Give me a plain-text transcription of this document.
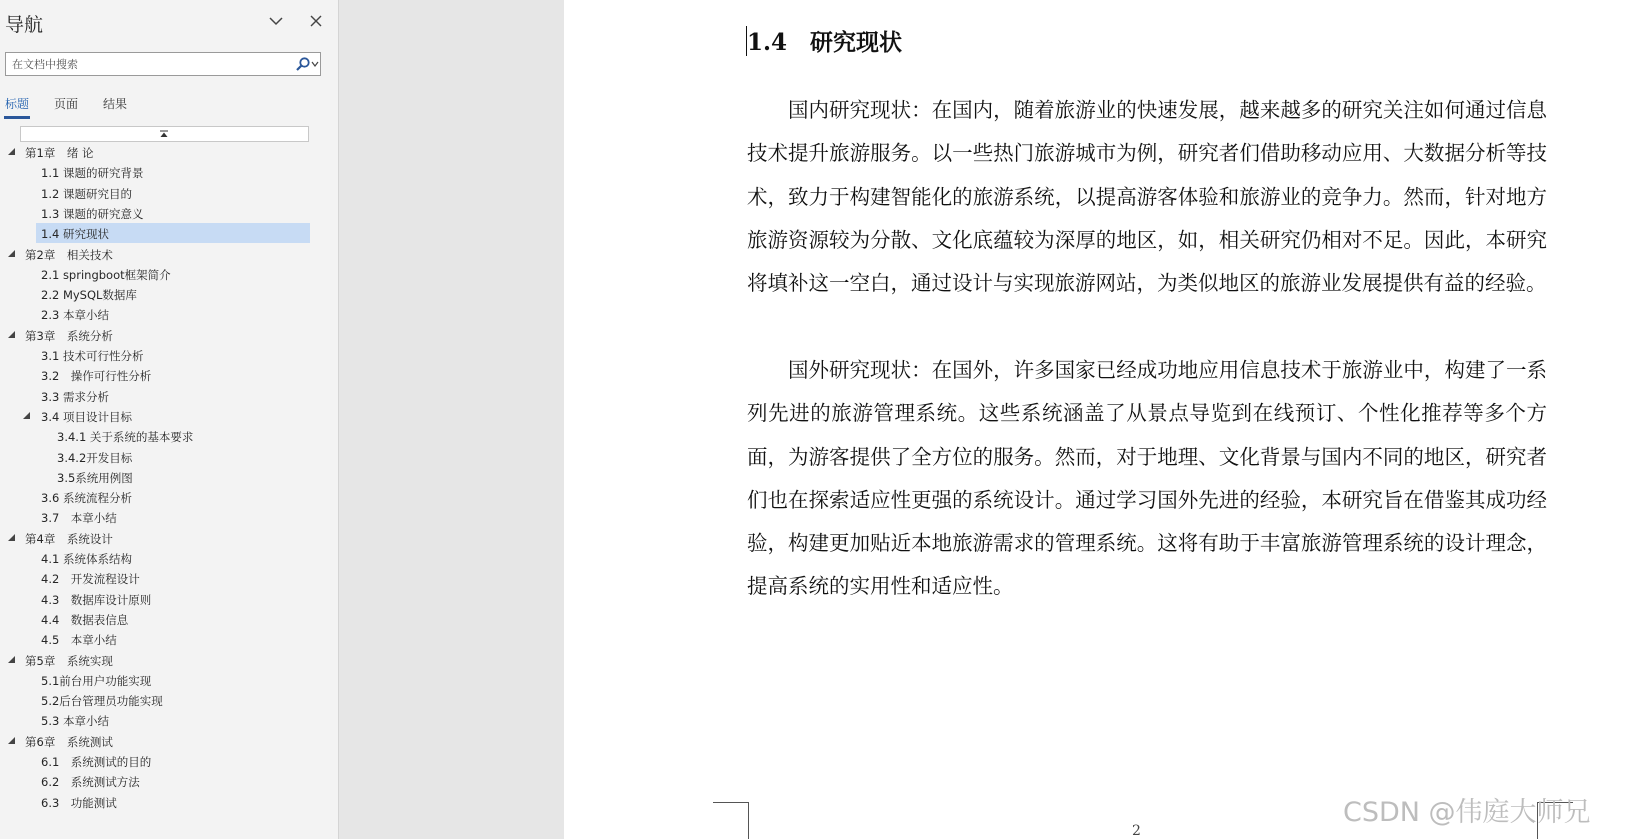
导航
在文档中搜索
标题 页面 结果
第1章　绪 论
1.1 课题的研究背景
1.2 课题研究目的
1.3 课题的研究意义
1.4 研究现状
第2章　相关技术
2.1 springboot框架简介
2.2 MySQL数据库
2.3 本章小结
第3章　系统分析
3.1 技术可行性分析
3.2　操作可行性分析
3.3 需求分析
3.4 项目设计目标
3.4.1 关于系统的基本要求
3.4.2开发目标
3.5系统用例图
3.6 系统流程分析
3.7　本章小结
第4章　系统设计
4.1 系统体系结构
4.2　开发流程设计
4.3　数据库设计原则
4.4　数据表信息
4.5　本章小结
第5章　系统实现
5.1前台用户功能实现
5.2后台管理员功能实现
5.3 本章小结
第6章　系统测试
6.1　系统测试的目的
6.2　系统测试方法
6.3　功能测试
1.4　研究现状
国内研究现状：在国内，随着旅游业的快速发展，越来越多的研究关注如何通过信息技术提升旅游服务。以一些热门旅游城市为例，研究者们借助移动应用、大数据分析等技术，致力于构建智能化的旅游系统，以提高游客体验和旅游业的竞争力。然而，针对地方旅游资源较为分散、文化底蕴较为深厚的地区，如，相关研究仍相对不足。因此，本研究将填补这一空白，通过设计与实现旅游网站，为类似地区的旅游业发展提供有益的经验。
国外研究现状：在国外，许多国家已经成功地应用信息技术于旅游业中，构建了一系列先进的旅游管理系统。这些系统涵盖了从景点导览到在线预订、个性化推荐等多个方面，为游客提供了全方位的服务。然而，对于地理、文化背景与国内不同的地区，研究者们也在探索适应性更强的系统设计。通过学习国外先进的经验，本研究旨在借鉴其成功经验，构建更加贴近本地旅游需求的管理系统。这将有助于丰富旅游管理系统的设计理念，提高系统的实用性和适应性。
2
CSDN @伟庭大师兄
